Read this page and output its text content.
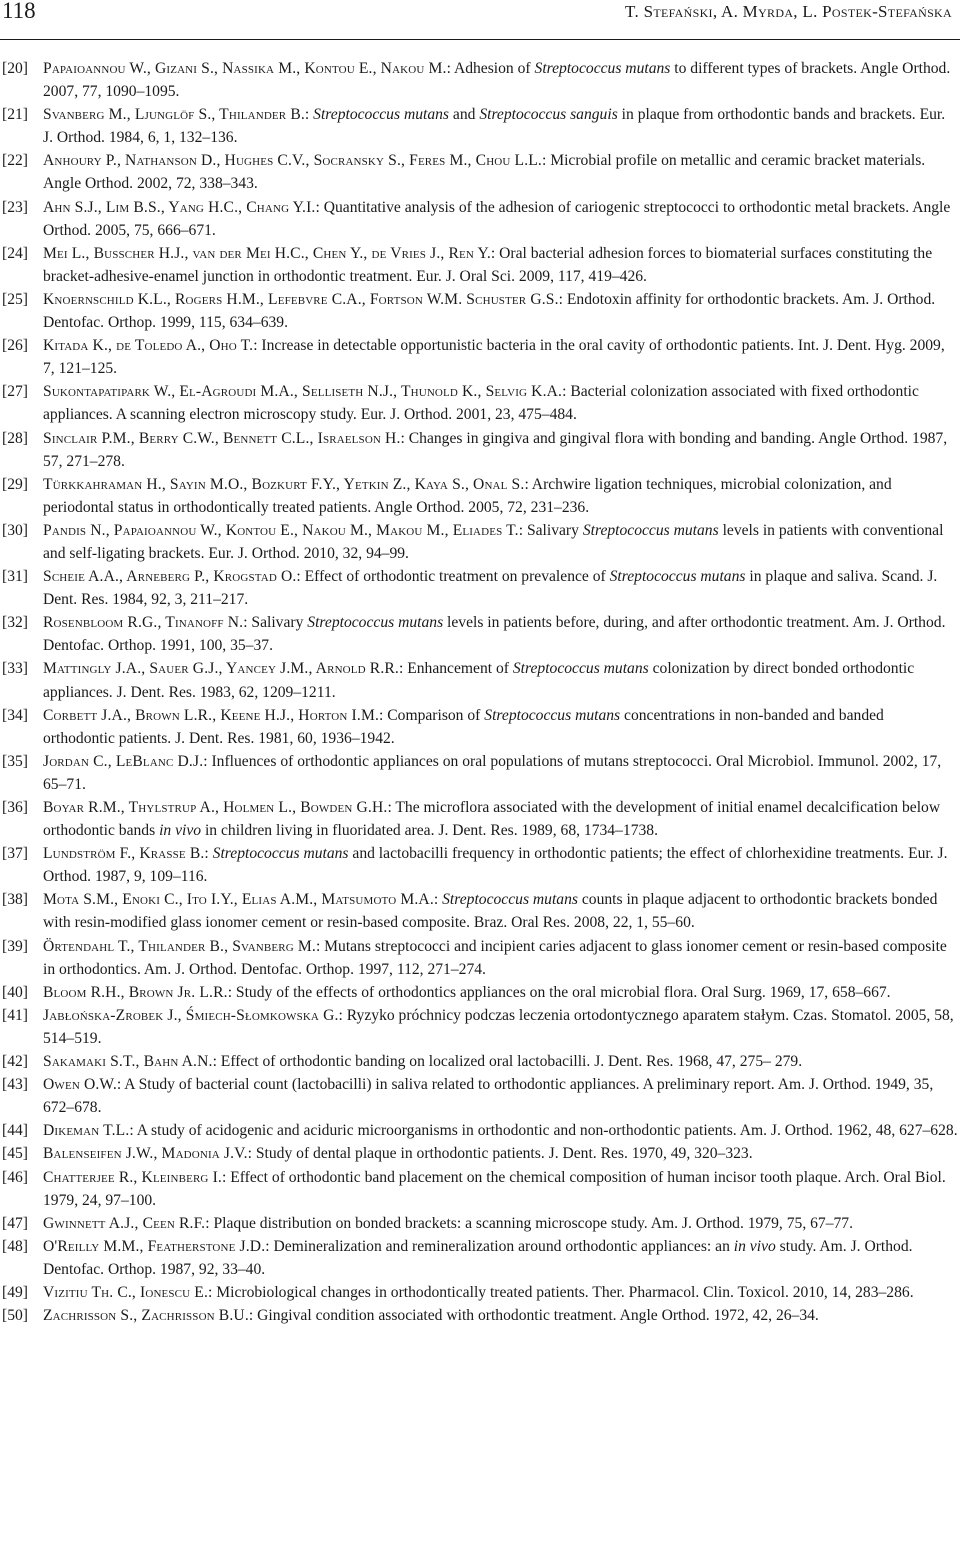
118	T. Stefański, A. Myrda, L. Postek-Stefańska
[20] Papaioannou W., Gizani S., Nassika M., Kontou E., Nakou M.: Adhesion of Streptococcus mutans to different types of brackets. Angle Orthod. 2007, 77, 1090–1095.
[21] Svanberg M., Ljunglöf S., Thilander B.: Streptococcus mutans and Streptococcus sanguis in plaque from orthodontic bands and brackets. Eur. J. Orthod. 1984, 6, 1, 132–136.
[22] Anhoury P., Nathanson D., Hughes C.V., Socransky S., Feres M., Chou L.L.: Microbial profile on metallic and ceramic bracket materials. Angle Orthod. 2002, 72, 338–343.
[23] Ahn S.J., Lim B.S., Yang H.C., Chang Y.I.: Quantitative analysis of the adhesion of cariogenic streptococci to orthodontic metal brackets. Angle Orthod. 2005, 75, 666–671.
[24] Mei L., Busscher H.J., van der Mei H.C., Chen Y., de Vries J., Ren Y.: Oral bacterial adhesion forces to biomaterial surfaces constituting the bracket-adhesive-enamel junction in orthodontic treatment. Eur. J. Oral Sci. 2009, 117, 419–426.
[25] Knoernschild K.L., Rogers H.M., Lefebvre C.A., Fortson W.M. Schuster G.S.: Endotoxin affinity for orthodontic brackets. Am. J. Orthod. Dentofac. Orthop. 1999, 115, 634–639.
[26] Kitada K., de Toledo A., Oho T.: Increase in detectable opportunistic bacteria in the oral cavity of orthodontic patients. Int. J. Dent. Hyg. 2009, 7, 121–125.
[27] Sukontapatipark W., El-Agroudi M.A., Selliseth N.J., Thunold K., Selvig K.A.: Bacterial colonization associated with fixed orthodontic appliances. A scanning electron microscopy study. Eur. J. Orthod. 2001, 23, 475–484.
[28] Sinclair P.M., Berry C.W., Bennett C.L., Israelson H.: Changes in gingiva and gingival flora with bonding and banding. Angle Orthod. 1987, 57, 271–278.
[29] Türkkahraman H., Sayin M.O., Bozkurt F.Y., Yetkin Z., Kaya S., Onal S.: Archwire ligation techniques, microbial colonization, and periodontal status in orthodontically treated patients. Angle Orthod. 2005, 72, 231–236.
[30] Pandis N., Papaioannou W., Kontou E., Nakou M., Makou M., Eliades T.: Salivary Streptococcus mutans levels in patients with conventional and self-ligating brackets. Eur. J. Orthod. 2010, 32, 94–99.
[31] Scheie A.A., Arneberg P., Krogstad O.: Effect of orthodontic treatment on prevalence of Streptococcus mutans in plaque and saliva. Scand. J. Dent. Res. 1984, 92, 3, 211–217.
[32] Rosenbloom R.G., Tinanoff N.: Salivary Streptococcus mutans levels in patients before, during, and after orthodontic treatment. Am. J. Orthod. Dentofac. Orthop. 1991, 100, 35–37.
[33] Mattingly J.A., Sauer G.J., Yancey J.M., Arnold R.R.: Enhancement of Streptococcus mutans colonization by direct bonded orthodontic appliances. J. Dent. Res. 1983, 62, 1209–1211.
[34] Corbett J.A., Brown L.R., Keene H.J., Horton I.M.: Comparison of Streptococcus mutans concentrations in non-banded and banded orthodontic patients. J. Dent. Res. 1981, 60, 1936–1942.
[35] Jordan C., LeBlanc D.J.: Influences of orthodontic appliances on oral populations of mutans streptococci. Oral Microbiol. Immunol. 2002, 17, 65–71.
[36] Boyar R.M., Thylstrup A., Holmen L., Bowden G.H.: The microflora associated with the development of initial enamel decalcification below orthodontic bands in vivo in children living in fluoridated area. J. Dent. Res. 1989, 68, 1734–1738.
[37] Lundström F., Krasse B.: Streptococcus mutans and lactobacilli frequency in orthodontic patients; the effect of chlorhexidine treatments. Eur. J. Orthod. 1987, 9, 109–116.
[38] Mota S.M., Enoki C., Ito I.Y., Elias A.M., Matsumoto M.A.: Streptococcus mutans counts in plaque adjacent to orthodontic brackets bonded with resin-modified glass ionomer cement or resin-based composite. Braz. Oral Res. 2008, 22, 1, 55–60.
[39] Örtendahl T., Thilander B., Svanberg M.: Mutans streptococci and incipient caries adjacent to glass ionomer cement or resin-based composite in orthodontics. Am. J. Orthod. Dentofac. Orthop. 1997, 112, 271–274.
[40] Bloom R.H., Brown Jr. L.R.: Study of the effects of orthodontics appliances on the oral microbial flora. Oral Surg. 1969, 17, 658–667.
[41] Jabłońska-Zrobek J., Śmiech-Słomkowska G.: Ryzyko próchnicy podczas leczenia ortodontycznego aparatem stałym. Czas. Stomatol. 2005, 58, 514–519.
[42] Sakamaki S.T., Bahn A.N.: Effect of orthodontic banding on localized oral lactobacilli. J. Dent. Res. 1968, 47, 275– 279.
[43] Owen O.W.: A Study of bacterial count (lactobacilli) in saliva related to orthodontic appliances. A preliminary report. Am. J. Orthod. 1949, 35, 672–678.
[44] Dikeman T.L.: A study of acidogenic and aciduric microorganisms in orthodontic and non-orthodontic patients. Am. J. Orthod. 1962, 48, 627–628.
[45] Balenseifen J.W., Madonia J.V.: Study of dental plaque in orthodontic patients. J. Dent. Res. 1970, 49, 320–323.
[46] Chatterjee R., Kleinberg I.: Effect of orthodontic band placement on the chemical composition of human incisor tooth plaque. Arch. Oral Biol. 1979, 24, 97–100.
[47] Gwinnett A.J., Ceen R.F.: Plaque distribution on bonded brackets: a scanning microscope study. Am. J. Orthod. 1979, 75, 67–77.
[48] O'Reilly M.M., Featherstone J.D.: Demineralization and remineralization around orthodontic appliances: an in vivo study. Am. J. Orthod. Dentofac. Orthop. 1987, 92, 33–40.
[49] Vizitiu Th. C., Ionescu E.: Microbiological changes in orthodontically treated patients. Ther. Pharmacol. Clin. Toxicol. 2010, 14, 283–286.
[50] Zachrisson S., Zachrisson B.U.: Gingival condition associated with orthodontic treatment. Angle Orthod. 1972, 42, 26–34.
